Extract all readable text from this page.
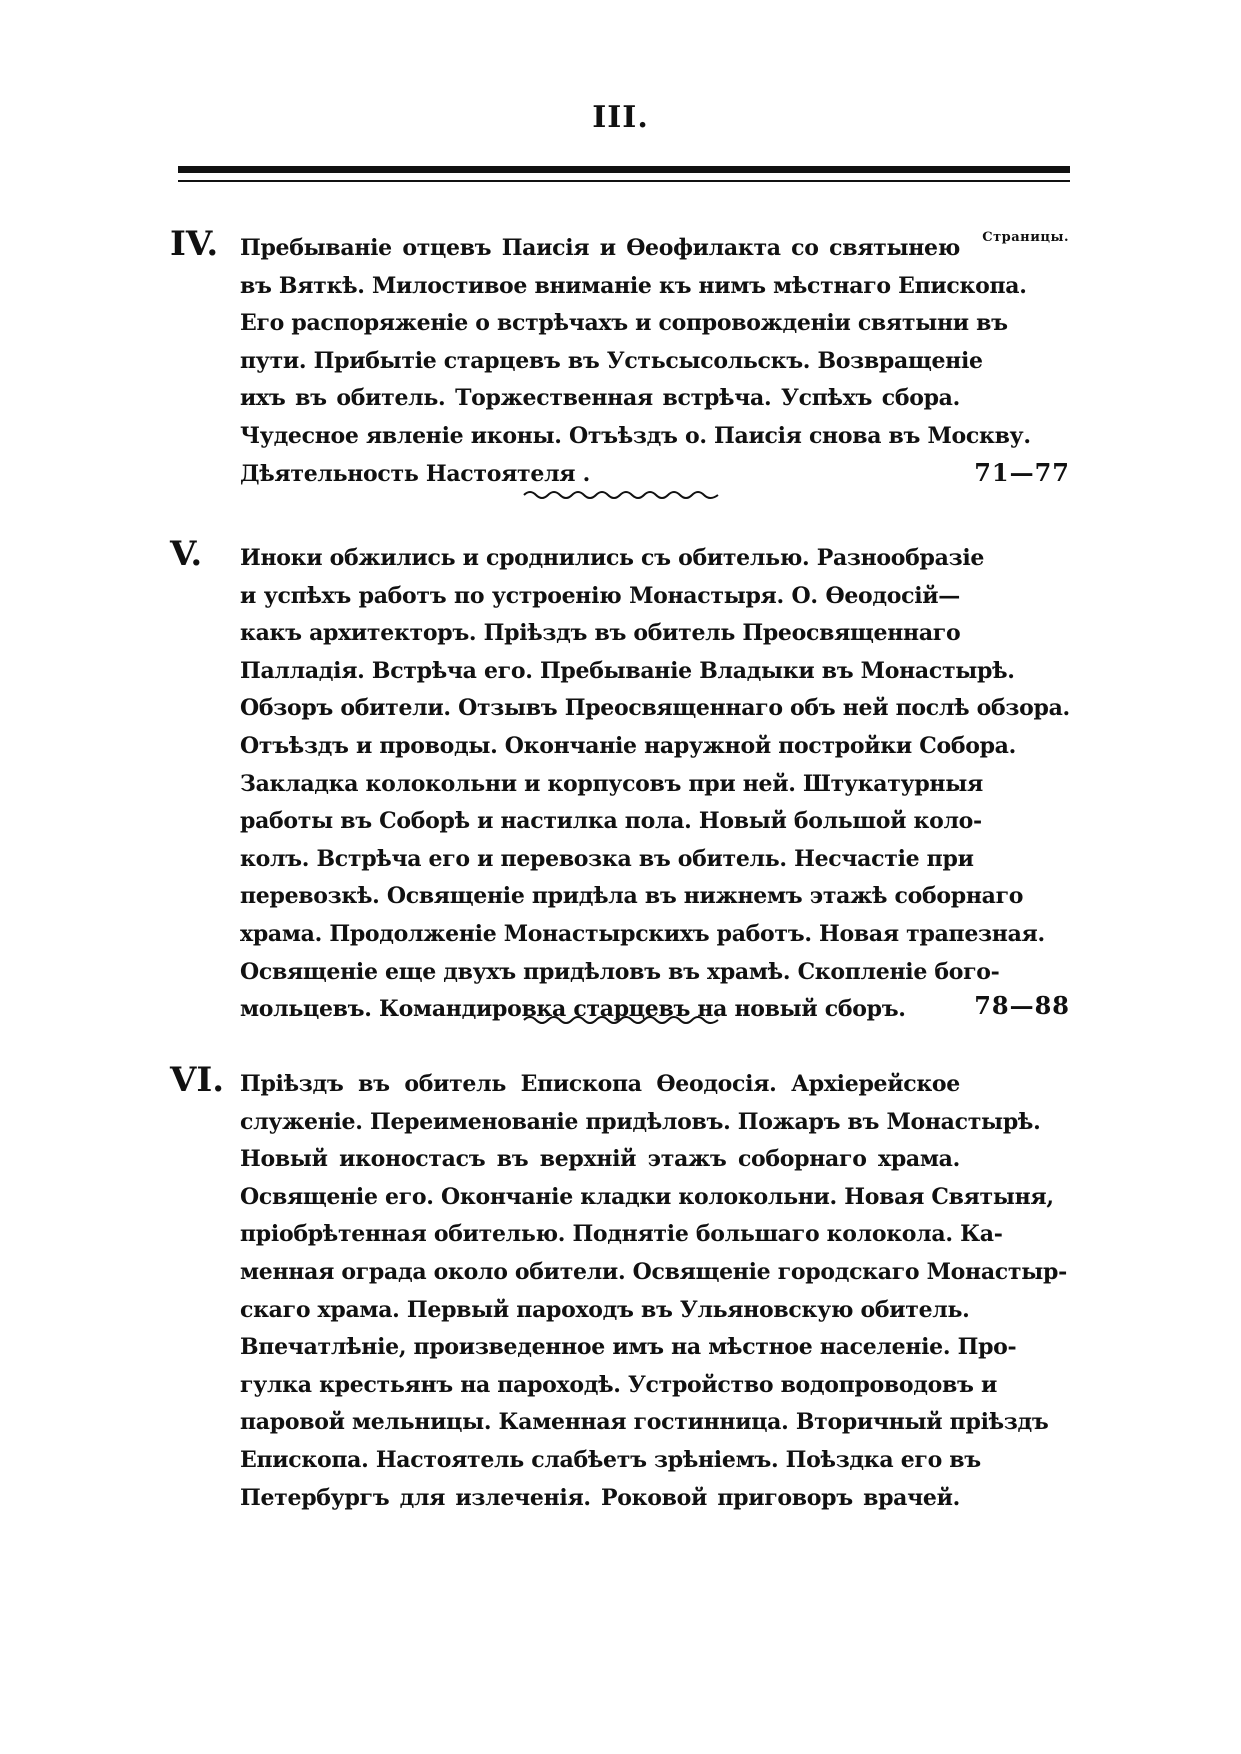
III.
Страницы.
IV. Пребыванiе отцевъ Паисiя и Ѳеофилакта со святынею
въ Вяткѣ. Милостивое вниманiе къ нимъ мѣстнаго Епископа.
Его распоряженiе о встрѣчахъ и сопровожденiи святыни въ
пути. Прибытiе старцевъ въ Устьсысольскъ. Возвращенiе
ихъ въ обитель. Торжественная встрѣча. Успѣхъ сбора.
Чудесное явленiе иконы. Отъѣздъ о. Паисiя снова въ Москву.
Дѣятельность Настоятеля .	71—77
V.	Иноки обжились и сроднились съ обителью. Разнообразiе
и успѣхъ работъ по устроенiю Монастыря. О. Ѳеодосiй—
какъ архитекторъ. Прiѣздъ въ обитель Преосвященнаго
Палладiя. Встрѣча его. Пребыванiе Владыки въ Монастырѣ.
Обзоръ обители. Отзывъ Преосвященнаго объ ней послѣ обзора.
Отъѣздъ и проводы. Окончанiе наружной постройки Собора.
Закладка колокольни и корпусовъ при ней. Штукатурныя
работы въ Соборѣ и настилка пола. Новый большой коло-
колъ. Встрѣча его и перевозка въ обитель. Несчастiе при
перевозкѣ. Освященiе придѣла въ нижнемъ этажѣ соборнаго
храма. Продолженiе Монастырскихъ работъ. Новая трапезная.
Освященiе еще двухъ придѣловъ въ храмѣ. Скопленiе бого-
мольцевъ. Командировка старцевъ на новый сборъ.	78—88
VI. Прiѣздъ въ обитель Епископа Ѳеодосiя. Архiерейское
служенiе. Переименованiе придѣловъ. Пожаръ въ Монастырѣ.
Новый иконостасъ въ верхнiй этажъ соборнаго храма.
Освященiе его. Окончанiе кладки колокольни. Новая Святыня,
прiобрѣтенная обителью. Поднятiе большаго колокола. Ка-
менная ограда около обители. Освященiе городскаго Монастыр-
скаго храма. Первый пароходъ въ Ульяновскую обитель.
Впечатлѣнiе, произведенное имъ на мѣстное населенiе. Про-
гулка крестьянъ на пароходѣ. Устройство водопроводовъ и
паровой мельницы. Каменная гостинница. Вторичный прiѣздъ
Епископа. Настоятель слабѣетъ зрѣнiемъ. Поѣздка его въ
Петербургъ для излеченiя. Роковой приговоръ врачей.
